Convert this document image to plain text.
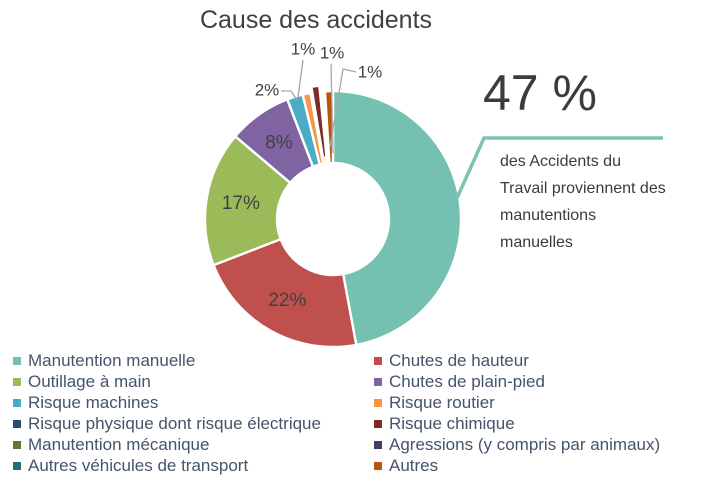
Cause des accidents
22%
17%
8%
2%
1% 1%
1% 47 %
des Accidents du
Travail proviennent des
manutentions
manuelles
Manutention manuelle	Chutes de hauteur
Outillage à main	Chutes de plain-pied
Risque machines	Risque routier
Risque physique dont risque électrique	Risque chimique
Manutention mécanique	Agressions (y compris par animaux)
Autres véhicules de transport	Autres
